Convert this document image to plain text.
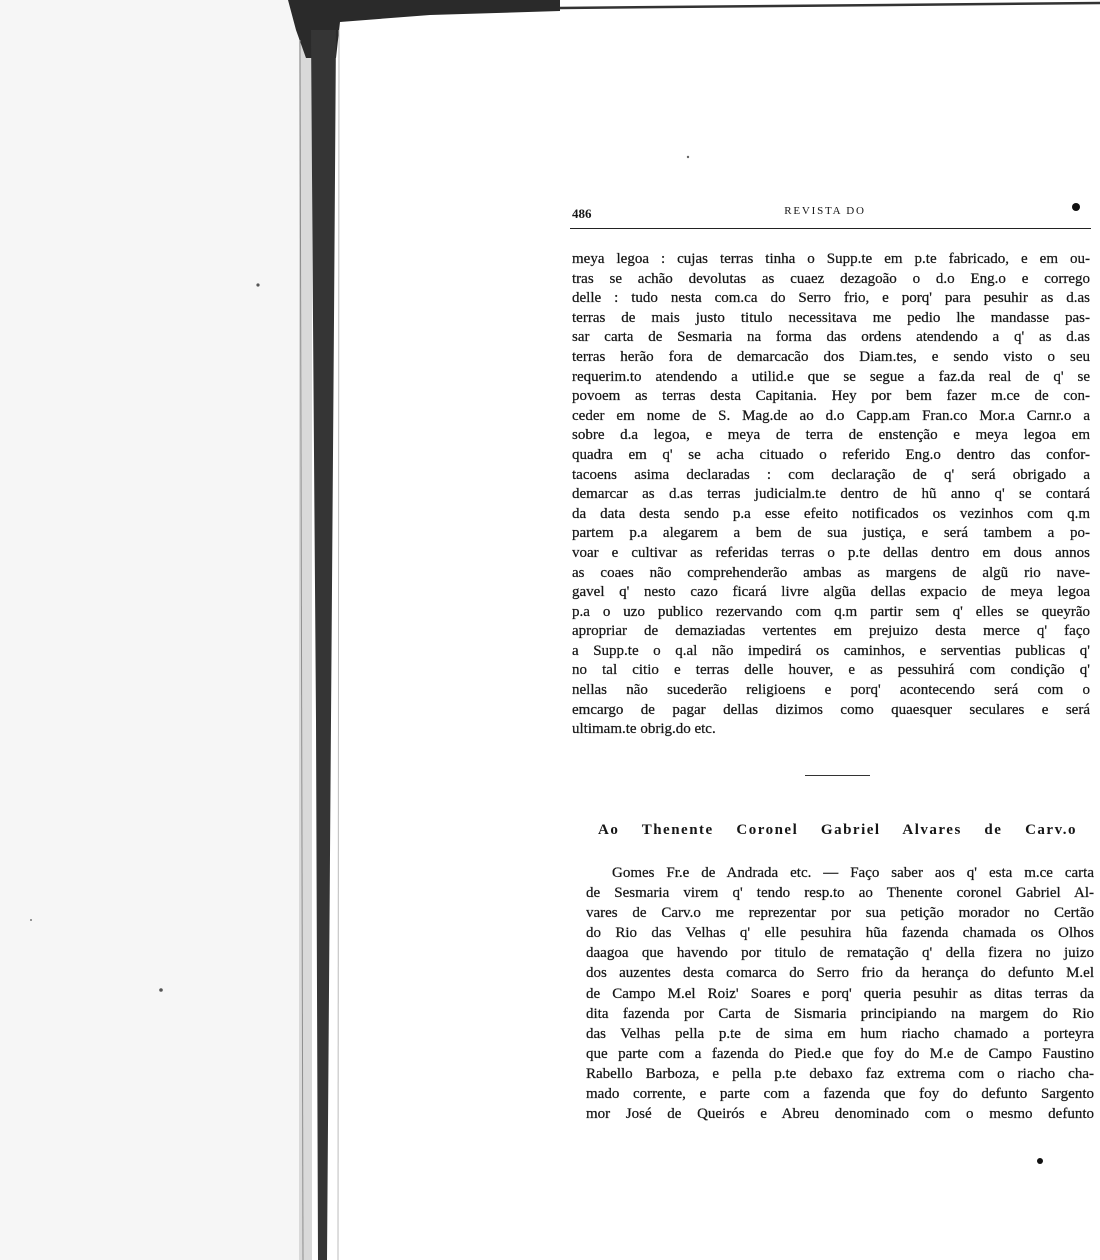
486	REVISTA DO
meya legoa : cujas terras tinha o Supp.te em p.te fabricado, e em ou-
tras se achão devolutas as cuaez dezagoão o d.o Eng.o e corrego
delle : tudo nesta com.ca do Serro frio, e porq' para pesuhir as d.as
terras de mais justo titulo necessitava me pedio lhe mandasse pas-
sar carta de Sesmaria na forma das ordens atendendo a q' as d.as
terras herão fora de demarcacão dos Diam.tes, e sendo visto o seu
requerim.to atendendo a utilid.e que se segue a faz.da real de q' se
povoem as terras desta Capitania. Hey por bem fazer m.ce de con-
ceder em nome de S. Mag.de ao d.o Capp.am Fran.co Mor.a Carnr.o a
sobre d.a legoa, e meya de terra de enstenção e meya legoa em
quadra em q' se acha cituado o referido Eng.o dentro das confor-
tacoens asima declaradas : com declaração de q' será obrigado a
demarcar as d.as terras judicialm.te dentro de hũ anno q' se contará
da data desta sendo p.a esse efeito notificados os vezinhos com q.m
partem p.a alegarem a bem de sua justiça, e será tambem a po-
voar e cultivar as referidas terras o p.te dellas dentro em dous annos
as coaes não comprehenderão ambas as margens de algũ rio nave-
gavel q' nesto cazo ficará livre algũa dellas expacio de meya legoa
p.a o uzo publico rezervando com q.m partir sem q' elles se queyrão
apropriar de demaziadas vertentes em prejuizo desta merce q' faço
a Supp.te o q.al não impedirá os caminhos, e serventias publicas q'
no tal citio e terras delle houver, e as pessuhirá com condição q'
nellas não sucederão religioens e porq' acontecendo será com o
emcargo de pagar dellas dizimos como quaesquer seculares e será
ultimam.te obrig.do etc.
Ao Thenente Coronel Gabriel Alvares de Carv.o
Gomes Fr.e de Andrada etc. — Faço saber aos q' esta m.ce carta
de Sesmaria virem q' tendo resp.to ao Thenente coronel Gabriel Al-
vares de Carv.o me reprezentar por sua petição morador no Certão
do Rio das Velhas q' elle pesuhira hũa fazenda chamada os Olhos
daagoa que havendo por titulo de rematação q' della fizera no juizo
dos auzentes desta comarca do Serro frio da herança do defunto M.el
de Campo M.el Roiz' Soares e porq' queria pesuhir as ditas terras da
dita fazenda por Carta de Sismaria principiando na margem do Rio
das Velhas pella p.te de sima em hum riacho chamado a porteyra
que parte com a fazenda do Pied.e que foy do M.e de Campo Faustino
Rabello Barboza, e pella p.te debaxo faz extrema com o riacho cha-
mado corrente, e parte com a fazenda que foy do defunto Sargento
mor José de Queirós e Abreu denominado com o mesmo defunto
